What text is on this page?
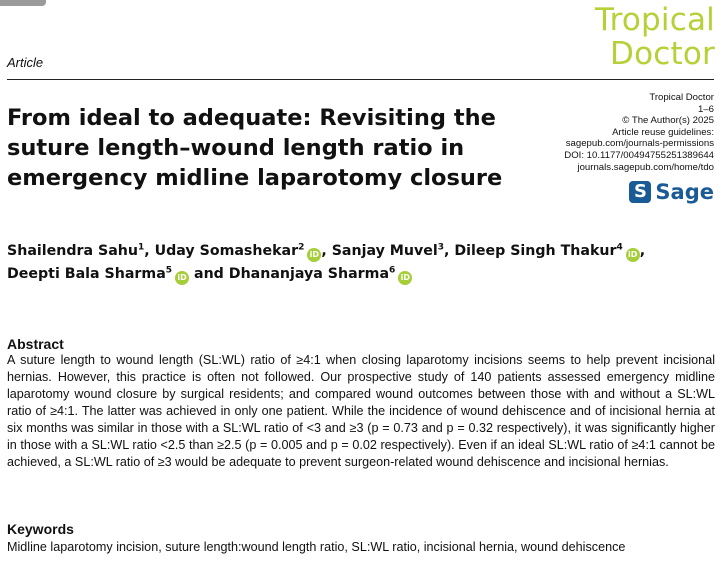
Tropical
Doctor
Article
From ideal to adequate: Revisiting the suture length–wound length ratio in emergency midline laparotomy closure
Tropical Doctor
1–6
© The Author(s) 2025
Article reuse guidelines:
sagepub.com/journals-permissions
DOI: 10.1177/00494755251389644
journals.sagepub.com/home/tdo
S Sage
Shailendra Sahu$^1$, Uday Somashekar$^2$iD , Sanjay Muvel$^3$, Dileep Singh Thakur$^4$iD ,
Deepti Bala Sharma$^5$iD and Dhananjaya Sharma$^6$iD
Abstract

A suture length to wound length (SL:WL) ratio of ≥4:1 when closing laparotomy incisions seems to help prevent incisional hernias. However, this practice is often not followed. Our prospective study of 140 patients assessed emergency midline laparotomy wound closure by surgical residents; and compared wound outcomes between those with and without a SL:WL ratio of ≥4:1. The latter was achieved in only one patient. While the incidence of wound dehiscence and of incisional hernia at six months was similar in those with a SL:WL ratio of <3 and ≥3 (p = 0.73 and p = 0.32 respectively), it was significantly higher in those with a SL:WL ratio <2.5 than ≥2.5 (p = 0.005 and p = 0.02 respectively). Even if an ideal SL:WL ratio of ≥4:1 cannot be achieved, a SL:WL ratio of ≥3 would be adequate to prevent surgeon-related wound dehiscence and incisional hernias.

Keywords
Midline laparotomy incision, suture length:wound length ratio, SL:WL ratio, incisional hernia, wound dehiscence
